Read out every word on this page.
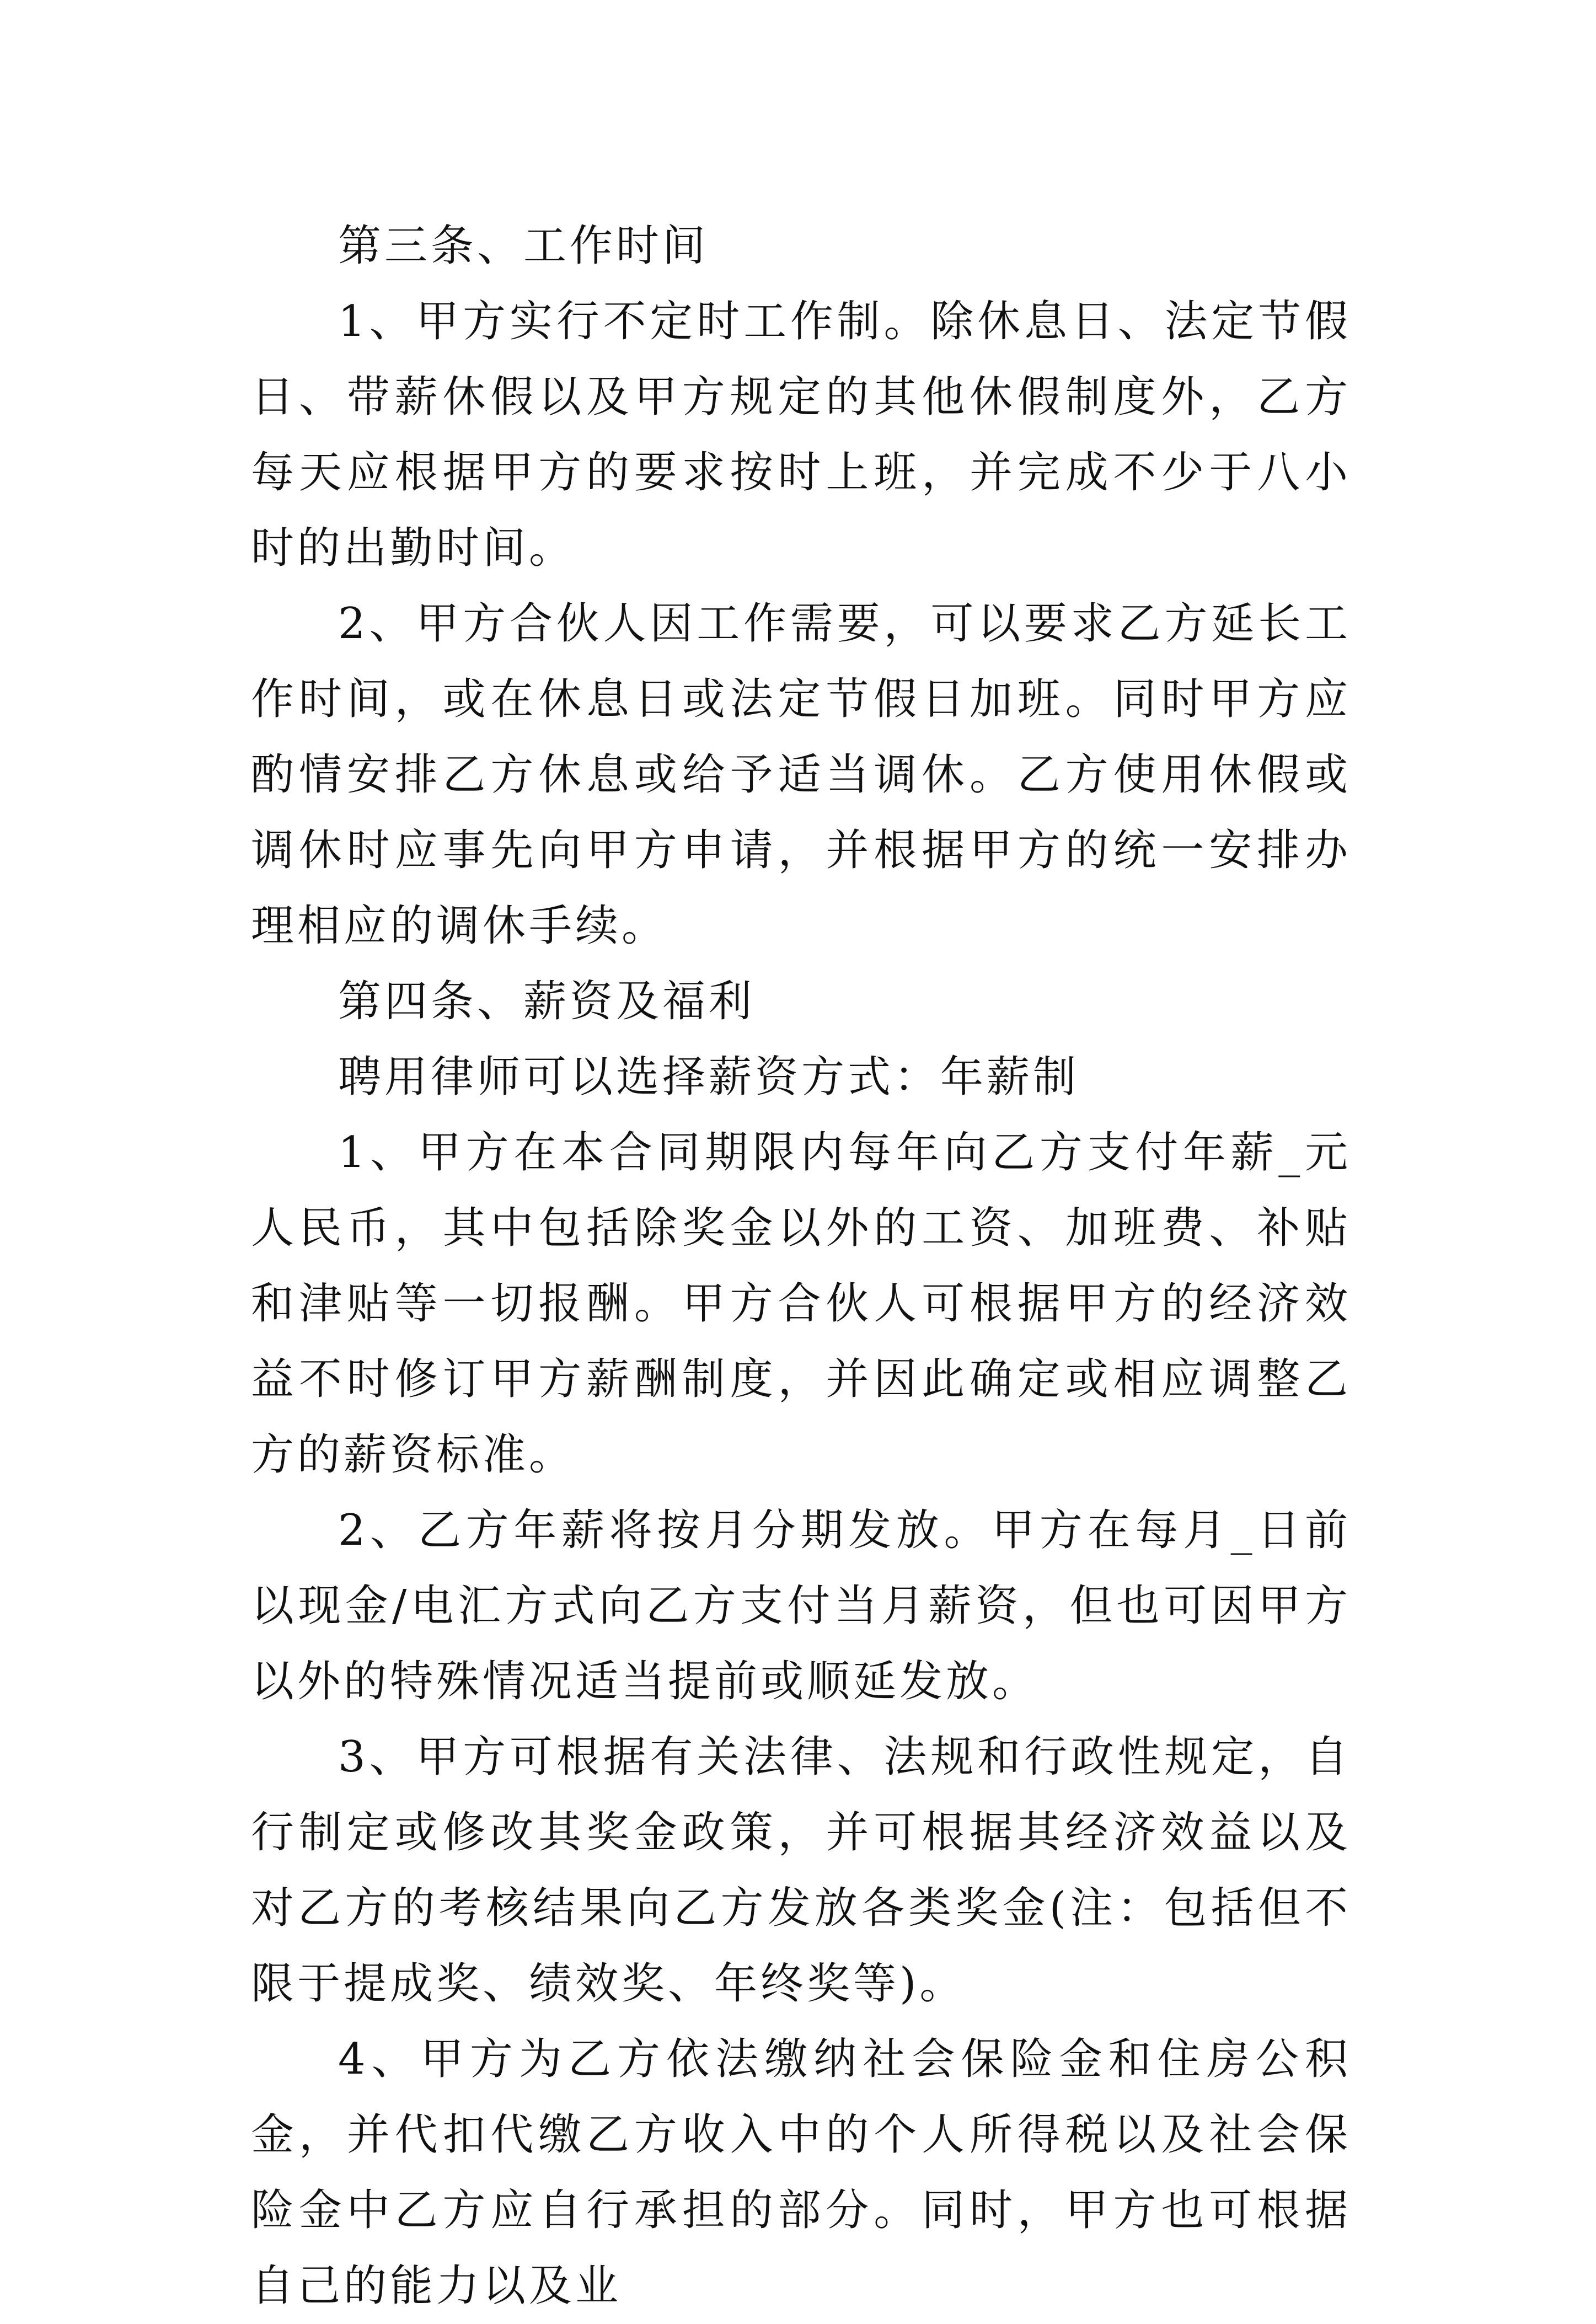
第三条、工作时间

1、甲方实行不定时工作制。除休息日、法定节假日、带薪休假以及甲方规定的其他休假制度外，乙方每天应根据甲方的要求按时上班，并完成不少于八小时的出勤时间。

2、甲方合伙人因工作需要，可以要求乙方延长工作时间，或在休息日或法定节假日加班。同时甲方应酌情安排乙方休息或给予适当调休。乙方使用休假或调休时应事先向甲方申请，并根据甲方的统一安排办理相应的调休手续。

第四条、薪资及福利

聘用律师可以选择薪资方式：年薪制

1、甲方在本合同期限内每年向乙方支付年薪_元人民币，其中包括除奖金以外的工资、加班费、补贴和津贴等一切报酬。甲方合伙人可根据甲方的经济效益不时修订甲方薪酬制度，并因此确定或相应调整乙方的薪资标准。

2、乙方年薪将按月分期发放。甲方在每月_日前以现金/电汇方式向乙方支付当月薪资，但也可因甲方以外的特殊情况适当提前或顺延发放。

3、甲方可根据有关法律、法规和行政性规定，自行制定或修改其奖金政策，并可根据其经济效益以及对乙方的考核结果向乙方发放各类奖金(注：包括但不限于提成奖、绩效奖、年终奖等)。

4、甲方为乙方依法缴纳社会保险金和住房公积金，并代扣代缴乙方收入中的个人所得税以及社会保险金中乙方应自行承担的部分。同时，甲方也可根据自己的能力以及业
